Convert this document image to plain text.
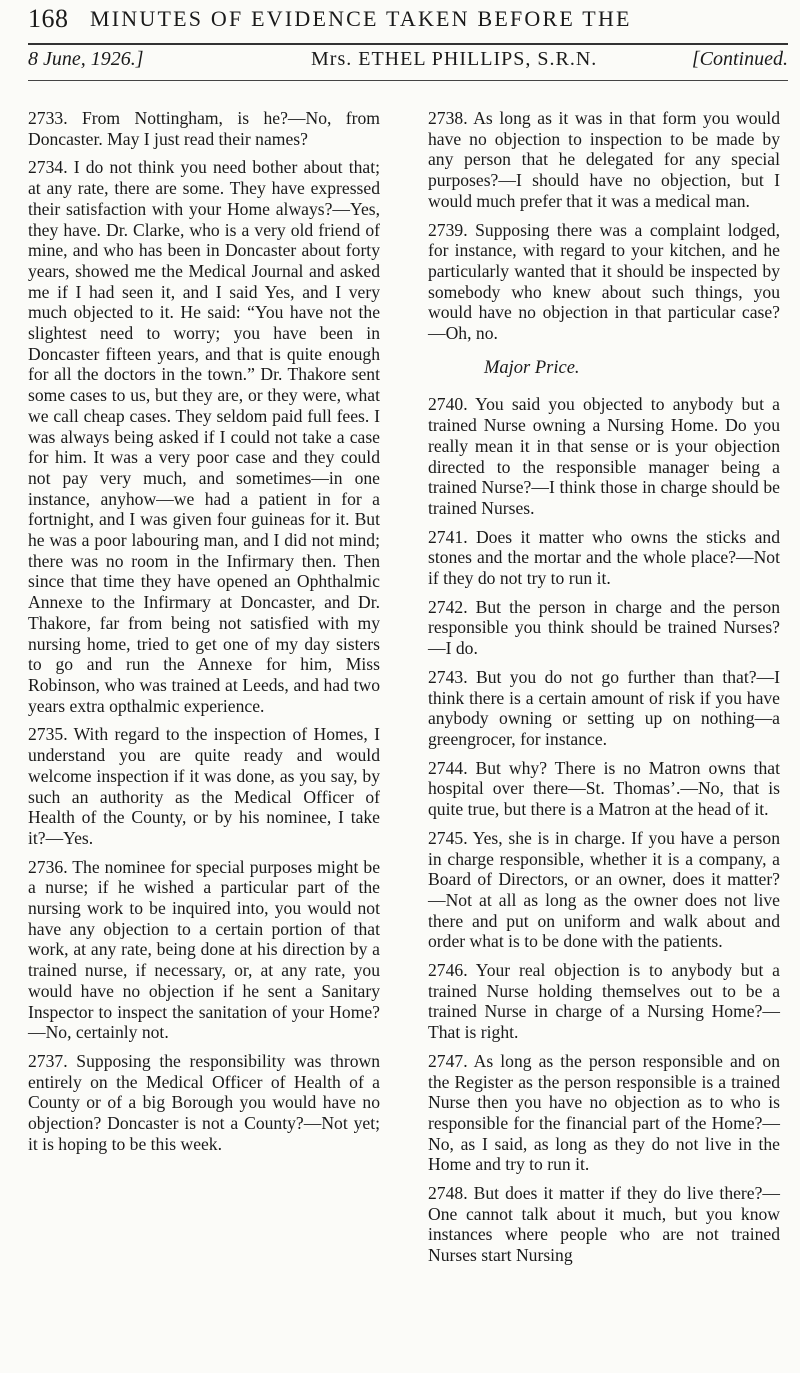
168 MINUTES OF EVIDENCE TAKEN BEFORE THE
8 June, 1926.]	Mrs. ETHEL PHILLIPS, S.R.N.	[Continued.

2733. From Nottingham, is he?—No, from Doncaster. May I just read their names?

2734. I do not think you need bother about that; at any rate, there are some. They have expressed their satisfaction with your Home always?—Yes, they have. Dr. Clarke, who is a very old friend of mine, and who has been in Doncaster about forty years, showed me the Medical Journal and asked me if I had seen it, and I said Yes, and I very much objected to it. He said: “You have not the slightest need to worry; you have been in Doncaster fifteen years, and that is quite enough for all the doctors in the town.” Dr. Thakore sent some cases to us, but they are, or they were, what we call cheap cases. They seldom paid full fees. I was always being asked if I could not take a case for him. It was a very poor case and they could not pay very much, and sometimes—in one instance, anyhow—we had a patient in for a fortnight, and I was given four guineas for it. But he was a poor labouring man, and I did not mind; there was no room in the Infirmary then. Then since that time they have opened an Ophthalmic Annexe to the Infirmary at Doncaster, and Dr. Thakore, far from being not satisfied with my nursing home, tried to get one of my day sisters to go and run the Annexe for him, Miss Robinson, who was trained at Leeds, and had two years extra opthalmic experience.

2735. With regard to the inspection of Homes, I understand you are quite ready and would welcome inspection if it was done, as you say, by such an authority as the Medical Officer of Health of the County, or by his nominee, I take it?—Yes.

2736. The nominee for special purposes might be a nurse; if he wished a particular part of the nursing work to be inquired into, you would not have any objection to a certain portion of that work, at any rate, being done at his direction by a trained nurse, if necessary, or, at any rate, you would have no objection if he sent a Sanitary Inspector to inspect the sanitation of your Home?—No, certainly not.

2737. Supposing the responsibility was thrown entirely on the Medical Officer of Health of a County or of a big Borough you would have no objection? Doncaster is not a County?—Not yet; it is hoping to be this week.

2738. As long as it was in that form you would have no objection to inspection to be made by any person that he delegated for any special purposes?—I should have no objection, but I would much prefer that it was a medical man.

2739. Supposing there was a complaint lodged, for instance, with regard to your kitchen, and he particularly wanted that it should be inspected by somebody who knew about such things, you would have no objection in that particular case?—Oh, no.

Major Price.

2740. You said you objected to anybody but a trained Nurse owning a Nursing Home. Do you really mean it in that sense or is your objection directed to the responsible manager being a trained Nurse?—I think those in charge should be trained Nurses.

2741. Does it matter who owns the sticks and stones and the mortar and the whole place?—Not if they do not try to run it.

2742. But the person in charge and the person responsible you think should be trained Nurses?—I do.

2743. But you do not go further than that?—I think there is a certain amount of risk if you have anybody owning or setting up on nothing—a greengrocer, for instance.

2744. But why? There is no Matron owns that hospital over there—St. Thomas’.—No, that is quite true, but there is a Matron at the head of it.

2745. Yes, she is in charge. If you have a person in charge responsible, whether it is a company, a Board of Directors, or an owner, does it matter?—Not at all as long as the owner does not live there and put on uniform and walk about and order what is to be done with the patients.

2746. Your real objection is to anybody but a trained Nurse holding themselves out to be a trained Nurse in charge of a Nursing Home?—That is right.

2747. As long as the person responsible and on the Register as the person responsible is a trained Nurse then you have no objection as to who is responsible for the financial part of the Home?—No, as I said, as long as they do not live in the Home and try to run it.

2748. But does it matter if they do live there?—One cannot talk about it much, but you know instances where people who are not trained Nurses start Nursing
